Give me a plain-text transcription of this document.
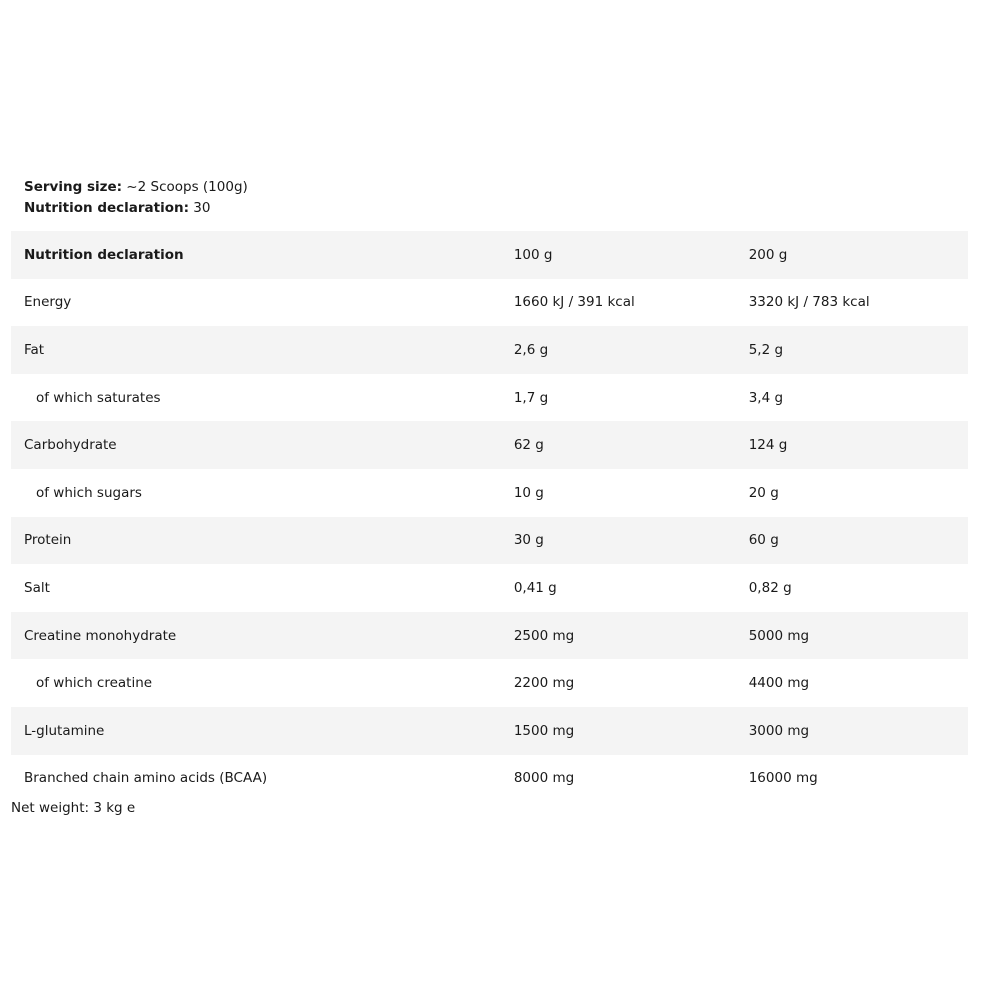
Serving size: ~2 Scoops (100g)
Nutrition declaration: 30
Nutrition declaration	100 g	200 g
Energy	1660 kJ / 391 kcal	3320 kJ / 783 kcal
Fat	2,6 g	5,2 g
of which saturates	1,7 g	3,4 g
Carbohydrate	62 g	124 g
of which sugars	10 g	20 g
Protein	30 g	60 g
Salt	0,41 g	0,82 g
Creatine monohydrate	2500 mg	5000 mg
of which creatine	2200 mg	4400 mg
L-glutamine	1500 mg	3000 mg
Branched chain amino acids (BCAA)	8000 mg	16000 mg
Net weight: 3 kg e
